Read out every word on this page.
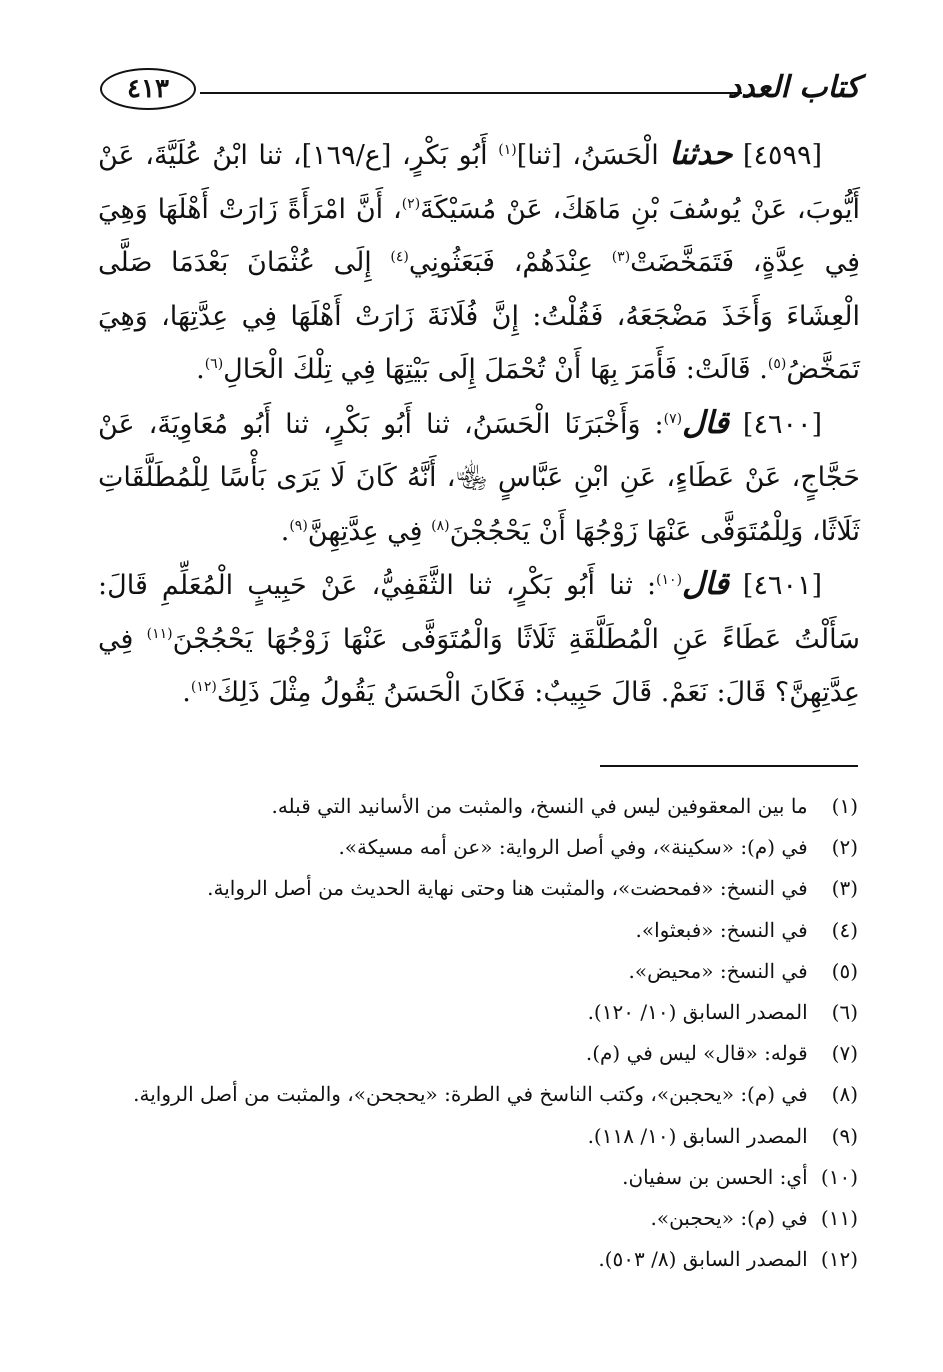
كتاب العدد
٤١٣

[٤٥٩٩] حدثنا الْحَسَنُ، [ثنا]$^{(١)}$ أَبُو بَكْرٍ، [ع/١٦٩]، ثنا ابْنُ عُلَيَّةَ، عَنْ أَيُّوبَ، عَنْ يُوسُفَ بْنِ مَاهَكَ، عَنْ مُسَيْكَةَ$^{(٢)}$، أَنَّ امْرَأَةً زَارَتْ أَهْلَهَا وَهِيَ فِي عِدَّةٍ، فَتَمَخَّضَتْ$^{(٣)}$ عِنْدَهُمْ، فَبَعَثُونِي$^{(٤)}$ إِلَى عُثْمَانَ بَعْدَمَا صَلَّى الْعِشَاءَ وَأَخَذَ مَضْجَعَهُ، فَقُلْتُ: إِنَّ فُلَانَةَ زَارَتْ أَهْلَهَا فِي عِدَّتِهَا، وَهِيَ تَمَخَّضُ$^{(٥)}$. قَالَتْ: فَأَمَرَ بِهَا أَنْ تُحْمَلَ إِلَى بَيْتِهَا فِي تِلْكَ الْحَالِ$^{(٦)}$.

[٤٦٠٠] قال$^{(٧)}$: وَأَخْبَرَنَا الْحَسَنُ، ثنا أَبُو بَكْرٍ، ثنا أَبُو مُعَاوِيَةَ، عَنْ حَجَّاجٍ، عَنْ عَطَاءٍ، عَنِ ابْنِ عَبَّاسٍ ﵄، أَنَّهُ كَانَ لَا يَرَى بَأْسًا لِلْمُطَلَّقَاتِ ثَلَاثًا، وَلِلْمُتَوَفَّى عَنْهَا زَوْجُهَا أَنْ يَحْجُجْنَ$^{(٨)}$ فِي عِدَّتِهِنَّ$^{(٩)}$.

[٤٦٠١] قال$^{(١٠)}$: ثنا أَبُو بَكْرٍ، ثنا الثَّقَفِيُّ، عَنْ حَبِيبٍ الْمُعَلِّمِ قَالَ: سَأَلْتُ عَطَاءً عَنِ الْمُطَلَّقَةِ ثَلَاثًا وَالْمُتَوَفَّى عَنْهَا زَوْجُهَا يَحْجُجْنَ$^{(١١)}$ فِي عِدَّتِهِنَّ؟ قَالَ: نَعَمْ. قَالَ حَبِيبٌ: فَكَانَ الْحَسَنُ يَقُولُ مِثْلَ ذَلِكَ$^{(١٢)}$.

(١) ما بين المعقوفين ليس في النسخ، والمثبت من الأسانيد التي قبله.
(٢) في (م): «سكينة»، وفي أصل الرواية: «عن أمه مسيكة».
(٣) في النسخ: «فمحضت»، والمثبت هنا وحتى نهاية الحديث من أصل الرواية.
(٤) في النسخ: «فبعثوا».
(٥) في النسخ: «محيض».
(٦) المصدر السابق (١٠/ ١٢٠).
(٧) قوله: «قال» ليس في (م).
(٨) في (م): «يحجبن»، وكتب الناسخ في الطرة: «يحجحن»، والمثبت من أصل الرواية.
(٩) المصدر السابق (١٠/ ١١٨).
(١٠) أي: الحسن بن سفيان.
(١١) في (م): «يحجبن».
(١٢) المصدر السابق (٨/ ٥٠٣).
